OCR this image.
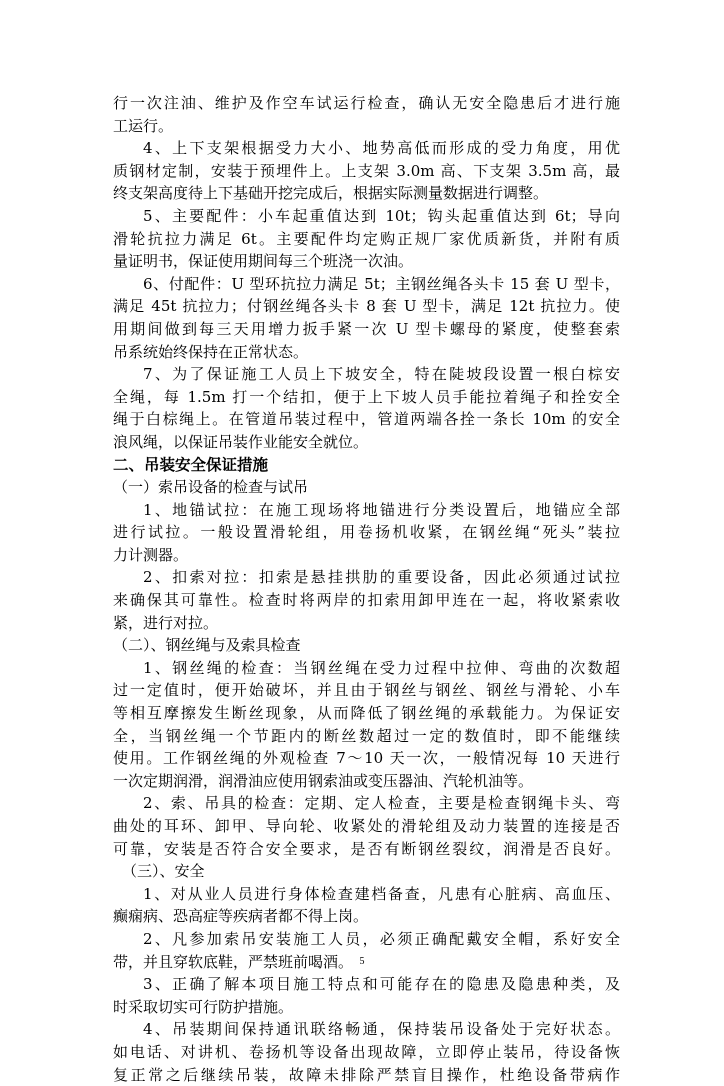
行一次注油、维护及作空车试运行检查，确认无安全隐患后才进行施

工运行。

4、上下支架根据受力大小、地势高低而形成的受力角度，用优

质钢材定制，安装于预埋件上。上支架 3.0m 高、下支架 3.5m 高，最

终支架高度待上下基础开挖完成后，根据实际测量数据进行调整。

5、主要配件：小车起重值达到 10t；钩头起重值达到 6t；导向

滑轮抗拉力满足 6t。主要配件均定购正规厂家优质新货，并附有质

量证明书，保证使用期间每三个班浇一次油。

6、付配件：U 型环抗拉力满足 5t；主钢丝绳各头卡 15 套 U 型卡，

满足 45t 抗拉力；付钢丝绳各头卡 8 套 U 型卡，满足 12t 抗拉力。使

用期间做到每三天用增力扳手紧一次 U 型卡螺母的紧度，使整套索

吊系统始终保持在正常状态。

7、为了保证施工人员上下坡安全，特在陡坡段设置一根白棕安

全绳，每 1.5m 打一个结扣，便于上下坡人员手能拉着绳子和拴安全

绳于白棕绳上。在管道吊装过程中，管道两端各拴一条长 10m 的安全

浪风绳，以保证吊装作业能安全就位。

二、吊装安全保证措施

（一）索吊设备的检查与试吊

1、地锚试拉：在施工现场将地锚进行分类设置后，地锚应全部

进行试拉。一般设置滑轮组，用卷扬机收紧，在钢丝绳“死头”装拉

力计测器。

2、扣索对拉：扣索是悬挂拱肋的重要设备，因此必须通过试拉

来确保其可靠性。检查时将两岸的扣索用卸甲连在一起，将收紧索收

紧，进行对拉。

（二）、钢丝绳与及索具检查

1、钢丝绳的检查：当钢丝绳在受力过程中拉伸、弯曲的次数超

过一定值时，便开始破坏，并且由于钢丝与钢丝、钢丝与滑轮、小车

等相互摩擦发生断丝现象，从而降低了钢丝绳的承载能力。为保证安

全，当钢丝绳一个节距内的断丝数超过一定的数值时，即不能继续

使用。工作钢丝绳的外观检查 7～10 天一次，一般情况每 10 天进行

一次定期润滑，润滑油应使用钢索油或变压器油、汽轮机油等。

2、索、吊具的检查：定期、定人检查，主要是检查钢绳卡头、弯

曲处的耳环、卸甲、导向轮、收紧处的滑轮组及动力装置的连接是否

可靠，安装是否符合安全要求，是否有断钢丝裂纹，润滑是否良好。

（三）、安全

1、对从业人员进行身体检查建档备查，凡患有心脏病、高血压、

癫痫病、恐高症等疾病者都不得上岗。

2、凡参加索吊安装施工人员，必须正确配戴安全帽，系好安全

带，并且穿软底鞋，严禁班前喝酒。

3、正确了解本项目施工特点和可能存在的隐患及隐患种类，及

时采取切实可行防护措施。

4、吊装期间保持通讯联络畅通，保持装吊设备处于完好状态。

如电话、对讲机、卷扬机等设备出现故障，立即停止装吊，待设备恢

复正常之后继续吊装，故障未排除严禁盲目操作，杜绝设备带病作

5
